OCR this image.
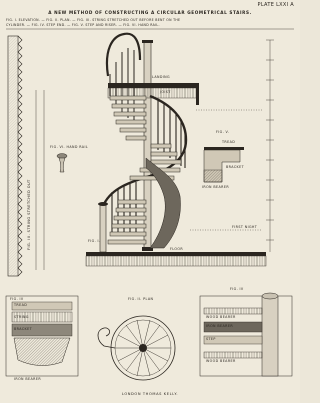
PLATE LXXI A
A NEW METHOD OF CONSTRUCTING A CIRCULAR GEOMETRICAL STAIRS.
FIG. I. ELEVATION. — FIG. II. PLAN. — FIG. III. STRING STRETCHED OUT BEFORE BENT ON THE
CYLINDER. — FIG. IV. STEP END. — FIG. V. STEP AND RISER. — FIG. VI. HAND RAIL.
LANDING
JOIST
FIG. V.
TREAD
BRACKET
IRON BEARER
FIRST NIGHT
FLOOR
FIG. I.
FIG. VI. HAND RAIL
FIG. III. STRING STRETCHED OUT
FIG. IV
TREAD
STRING
BRACKET
IRON BEARER
FIG. II. PLAN
FIG. IV
WOOD BEARER
IRON BEARER
STEP
WOOD BEARER
LONDON THOMAS KELLY.
